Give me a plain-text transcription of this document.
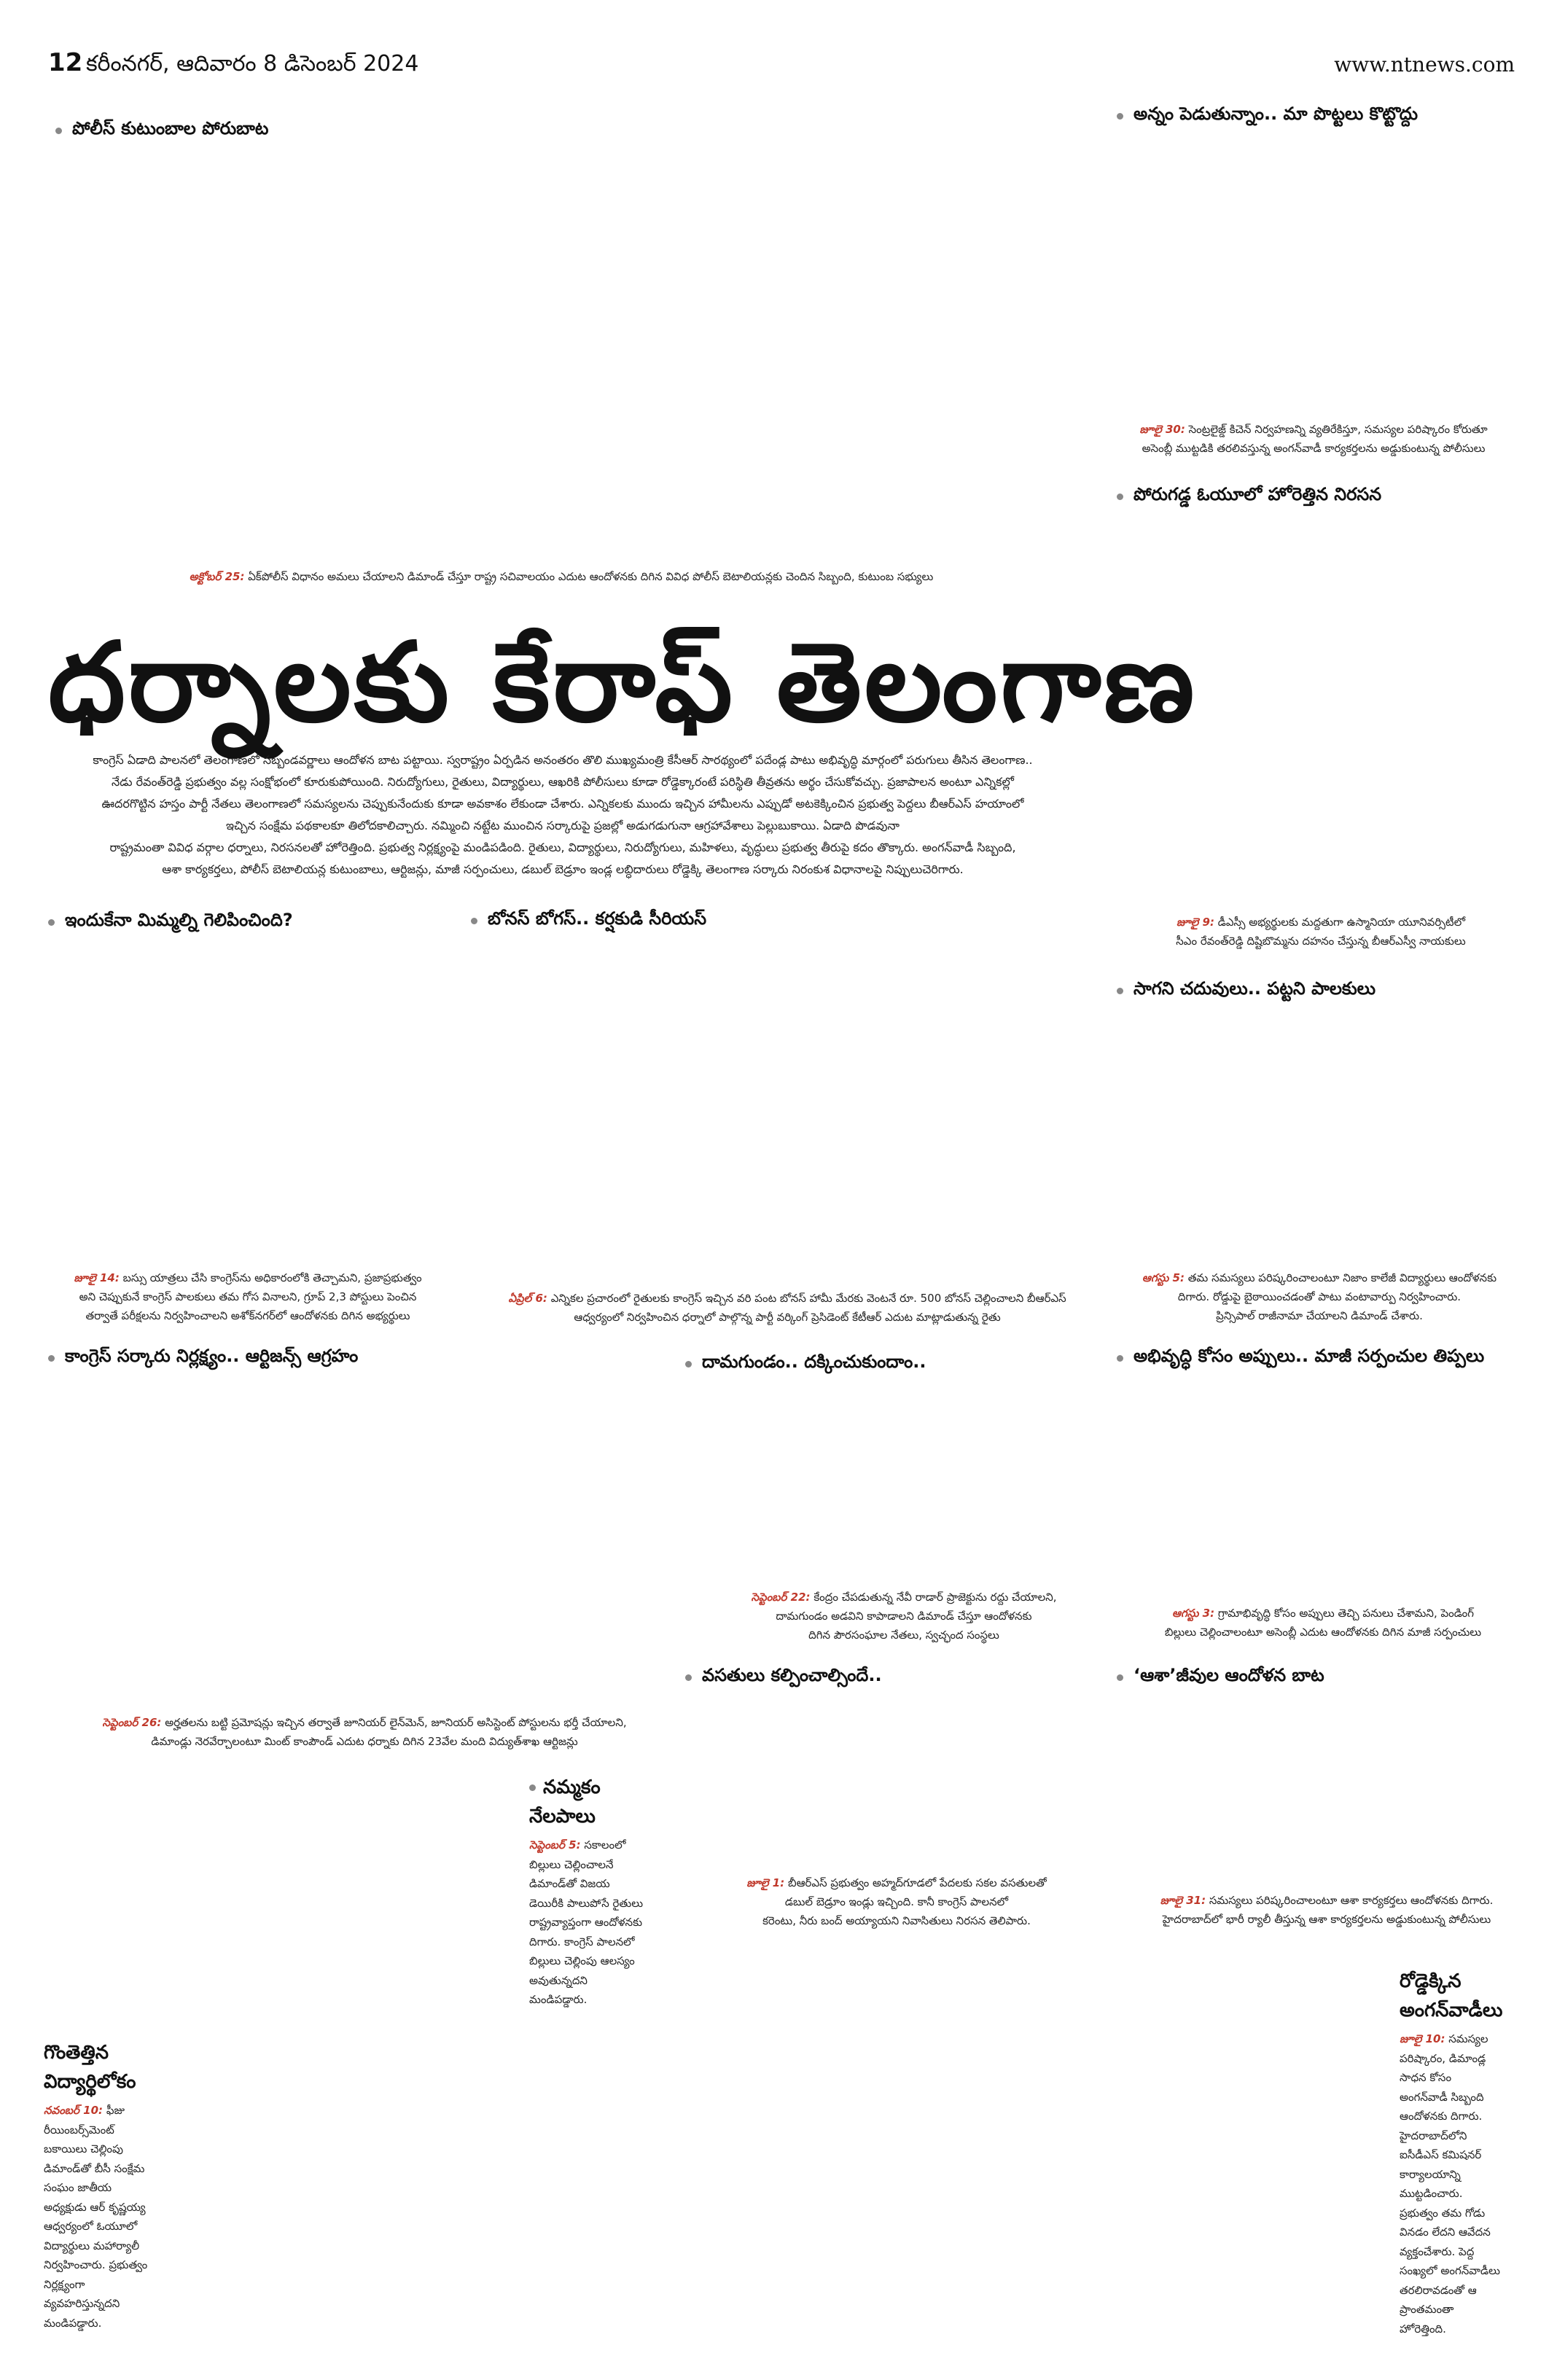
12 కరీంనగర్, ఆదివారం 8 డిసెంబర్ 2024	www.ntnews.com
పోలీస్ కుటుంబాల పోరుబాట
అన్నం పెడుతున్నాం.. మా పొట్టలు కొట్టొద్దు
జూలై 30: సెంట్రలైజ్డ్ కిచెన్ నిర్వహణన్ని వ్యతిరేకిస్తూ, సమస్యల పరిష్కారం కోరుతూ
అసెంబ్లీ ముట్టడికి తరలివస్తున్న అంగన్‌వాడీ కార్యకర్తలను అడ్డుకుంటున్న పోలీసులు
పోరుగడ్డ ఓయూలో హోరెత్తిన నిరసన
అక్టోబర్ 25: ఏక్‌పోలీస్ విధానం అమలు చేయాలని డిమాండ్ చేస్తూ రాష్ట్ర సచివాలయం ఎదుట ఆందోళనకు దిగిన వివిధ పోలీస్ బెటాలియన్లకు చెందిన సిబ్బంది, కుటుంబ సభ్యులు
ధర్నాలకు కేరాఫ్ తెలంగాణ
కాంగ్రెస్ ఏడాది పాలనలో తెలంగాణలో సబ్బండవర్ణాలు ఆందోళన బాట పట్టాయి. స్వరాష్ట్రం ఏర్పడిన అనంతరం తొలి ముఖ్యమంత్రి కేసీఆర్ సారథ్యంలో పదేండ్ల పాటు అభివృద్ధి మార్గంలో పరుగులు తీసిన తెలంగాణ..
నేడు రేవంత్‌రెడ్డి ప్రభుత్వం వల్ల సంక్షోభంలో కూరుకుపోయింది. నిరుద్యోగులు, రైతులు, విద్యార్థులు, ఆఖరికి పోలీసులు కూడా రోడ్డెక్కారంటే పరిస్థితి తీవ్రతను అర్థం చేసుకోవచ్చు. ప్రజాపాలన అంటూ ఎన్నికల్లో
ఊదరగొట్టిన హస్తం పార్టీ నేతలు తెలంగాణలో సమస్యలను చెప్పుకునేందుకు కూడా అవకాశం లేకుండా చేశారు. ఎన్నికలకు ముందు ఇచ్చిన హామీలను ఎప్పుడో అటకెక్కించిన ప్రభుత్వ పెద్దలు బీఆర్ఎస్ హయాంలో
ఇచ్చిన సంక్షేమ పథకాలకూ తిలోదకాలిచ్చారు. నమ్మించి నట్టేట ముంచిన సర్కారుపై ప్రజల్లో అడుగడుగునా ఆగ్రహావేశాలు పెల్లుబుకాయి. ఏడాది పొడవునా
రాష్ట్రమంతా వివిధ వర్గాల ధర్నాలు, నిరసనలతో హోరెత్తింది. ప్రభుత్వ నిర్లక్ష్యంపై మండిపడింది. రైతులు, విద్యార్థులు, నిరుద్యోగులు, మహిళలు, వృద్ధులు ప్రభుత్వ తీరుపై కదం తొక్కారు. అంగన్‌వాడీ సిబ్బంది,
ఆశా కార్యకర్తలు, పోలీస్ బెటాలియన్ల కుటుంబాలు, ఆర్టిజన్లు, మాజీ సర్పంచులు, డబుల్ బెడ్రూం ఇండ్ల లబ్ధిదారులు రోడ్డెక్కి తెలంగాణ సర్కారు నిరంకుశ విధానాలపై నిప్పులుచెరిగారు.
ఇందుకేనా మిమ్మల్ని గెలిపించింది?	బోనస్ బోగస్.. కర్షకుడి సీరియస్	జూలై 9: డీఎస్సీ అభ్యర్థులకు మద్దతుగా ఉస్మానియా యూనివర్సిటీలో
సీఎం రేవంత్‌రెడ్డి దిష్టిబొమ్మను దహనం చేస్తున్న బీఆర్ఎస్వీ నాయకులు
సాగని చదువులు.. పట్టని పాలకులు
జూలై 14: బస్సు యాత్రలు చేసి కాంగ్రెస్‌ను అధికారంలోకి తెచ్చామని, ప్రజాప్రభుత్వం
అని చెప్పుకునే కాంగ్రెస్ పాలకులు తమ గోస వినాలని, గ్రూప్ 2,3 పోస్టులు పెంచిన
తర్వాతే పరీక్షలను నిర్వహించాలని అశోక్‌నగర్‌లో ఆందోళనకు దిగిన అభ్యర్థులు
ఏప్రిల్ 6: ఎన్నికల ప్రచారంలో రైతులకు కాంగ్రెస్ ఇచ్చిన వరి పంట బోనస్ హామీ మేరకు వెంటనే రూ. 500 బోనస్ చెల్లించాలని బీఆర్ఎస్
ఆధ్వర్యంలో నిర్వహించిన ధర్నాలో పాల్గొన్న పార్టీ వర్కింగ్ ప్రెసిడెంట్ కేటీఆర్ ఎదుట మాట్లాడుతున్న రైతు
ఆగస్టు 5: తమ సమస్యలు పరిష్కరించాలంటూ నిజాం కాలేజీ విద్యార్థులు ఆందోళనకు
దిగారు. రోడ్డుపై బైఠాయించడంతో పాటు వంటావార్పు నిర్వహించారు.
ప్రిన్సిపాల్ రాజీనామా చేయాలని డిమాండ్ చేశారు.
కాంగ్రెస్ సర్కారు నిర్లక్ష్యం.. ఆర్టిజన్స్ ఆగ్రహం	దామగుండం.. దక్కించుకుందాం..	అభివృద్ధి కోసం అప్పులు.. మాజీ సర్పంచుల తిప్పలు
సెప్టెంబర్ 22: కేంద్రం చేపడుతున్న నేవీ రాడార్ ప్రాజెక్టును రద్దు చేయాలని,
దామగుండం అడవిని కాపాడాలని డిమాండ్ చేస్తూ ఆందోళనకు
దిగిన పౌరసంఘాల నేతలు, స్వచ్ఛంద సంస్థలు
ఆగస్టు 3: గ్రామాభివృద్ధి కోసం అప్పులు తెచ్చి పనులు చేశామని, పెండింగ్
బిల్లులు చెల్లించాలంటూ అసెంబ్లీ ఎదుట ఆందోళనకు దిగిన మాజీ సర్పంచులు
వసతులు కల్పించాల్సిందే..	‘ఆశా’జీవుల ఆందోళన బాట
సెప్టెంబర్ 26: అర్హతలను బట్టి ప్రమోషన్లు ఇచ్చిన తర్వాతే జూనియర్ లైన్‌మెన్, జూనియర్ అసిస్టెంట్ పోస్టులను భర్తీ చేయాలని,
డిమాండ్లు నెరవేర్చాలంటూ మింట్ కాంపౌండ్ ఎదుట ధర్నాకు దిగిన 23వేల మంది విద్యుత్‌శాఖ ఆర్టిజన్లు
నమ్మకం
నేలపాలు
సెప్టెంబర్ 5: సకాలంలో
బిల్లులు చెల్లించాలనే
డిమాండ్‌తో విజయ
డెయిరీకి పాలుపోసే రైతులు
రాష్ట్రవ్యాప్తంగా ఆందోళనకు
దిగారు. కాంగ్రెస్ పాలనలో
బిల్లులు చెల్లింపు ఆలస్యం
అవుతున్నదని
మండిపడ్డారు.
జూలై 1: బీఆర్ఎస్ ప్రభుత్వం అహ్మద్‌గూడలో పేదలకు సకల వసతులతో
డబుల్ బెడ్రూం ఇండ్లు ఇచ్చింది. కానీ కాంగ్రెస్ పాలనలో
కరెంటు, నీరు బంద్ అయ్యాయని నివాసితులు నిరసన తెలిపారు.
జూలై 31: సమస్యలు పరిష్కరించాలంటూ ఆశా కార్యకర్తలు ఆందోళనకు దిగారు.
హైదరాబాద్‌లో భారీ ర్యాలీ తీస్తున్న ఆశా కార్యకర్తలను అడ్డుకుంటున్న పోలీసులు
గొంతెత్తిన
విద్యార్థిలోకం
నవంబర్ 10: ఫీజు
రీయింబర్స్‌మెంట్
బకాయిలు చెల్లింపు
డిమాండ్‌తో బీసీ సంక్షేమ
సంఘం జాతీయ
అధ్యక్షుడు ఆర్ కృష్ణయ్య
ఆధ్వర్యంలో ఓయూలో
విద్యార్థులు మహార్యాలీ
నిర్వహించారు. ప్రభుత్వం
నిర్లక్ష్యంగా
వ్యవహరిస్తున్నదని
మండిపడ్డారు.
రోడ్డెక్కిన
అంగన్‌వాడీలు
జూలై 10: సమస్యల
పరిష్కారం, డిమాండ్ల
సాధన కోసం
అంగన్‌వాడీ సిబ్బంది
ఆందోళనకు దిగారు.
హైదరాబాద్‌లోని
ఐసీడీఎస్ కమిషనర్
కార్యాలయాన్ని
ముట్టడించారు.
ప్రభుత్వం తమ గోడు
వినడం లేదని ఆవేదన
వ్యక్తంచేశారు. పెద్ద
సంఖ్యలో అంగన్‌వాడీలు
తరలిరావడంతో ఆ
ప్రాంతమంతా
హోరెత్తింది.
